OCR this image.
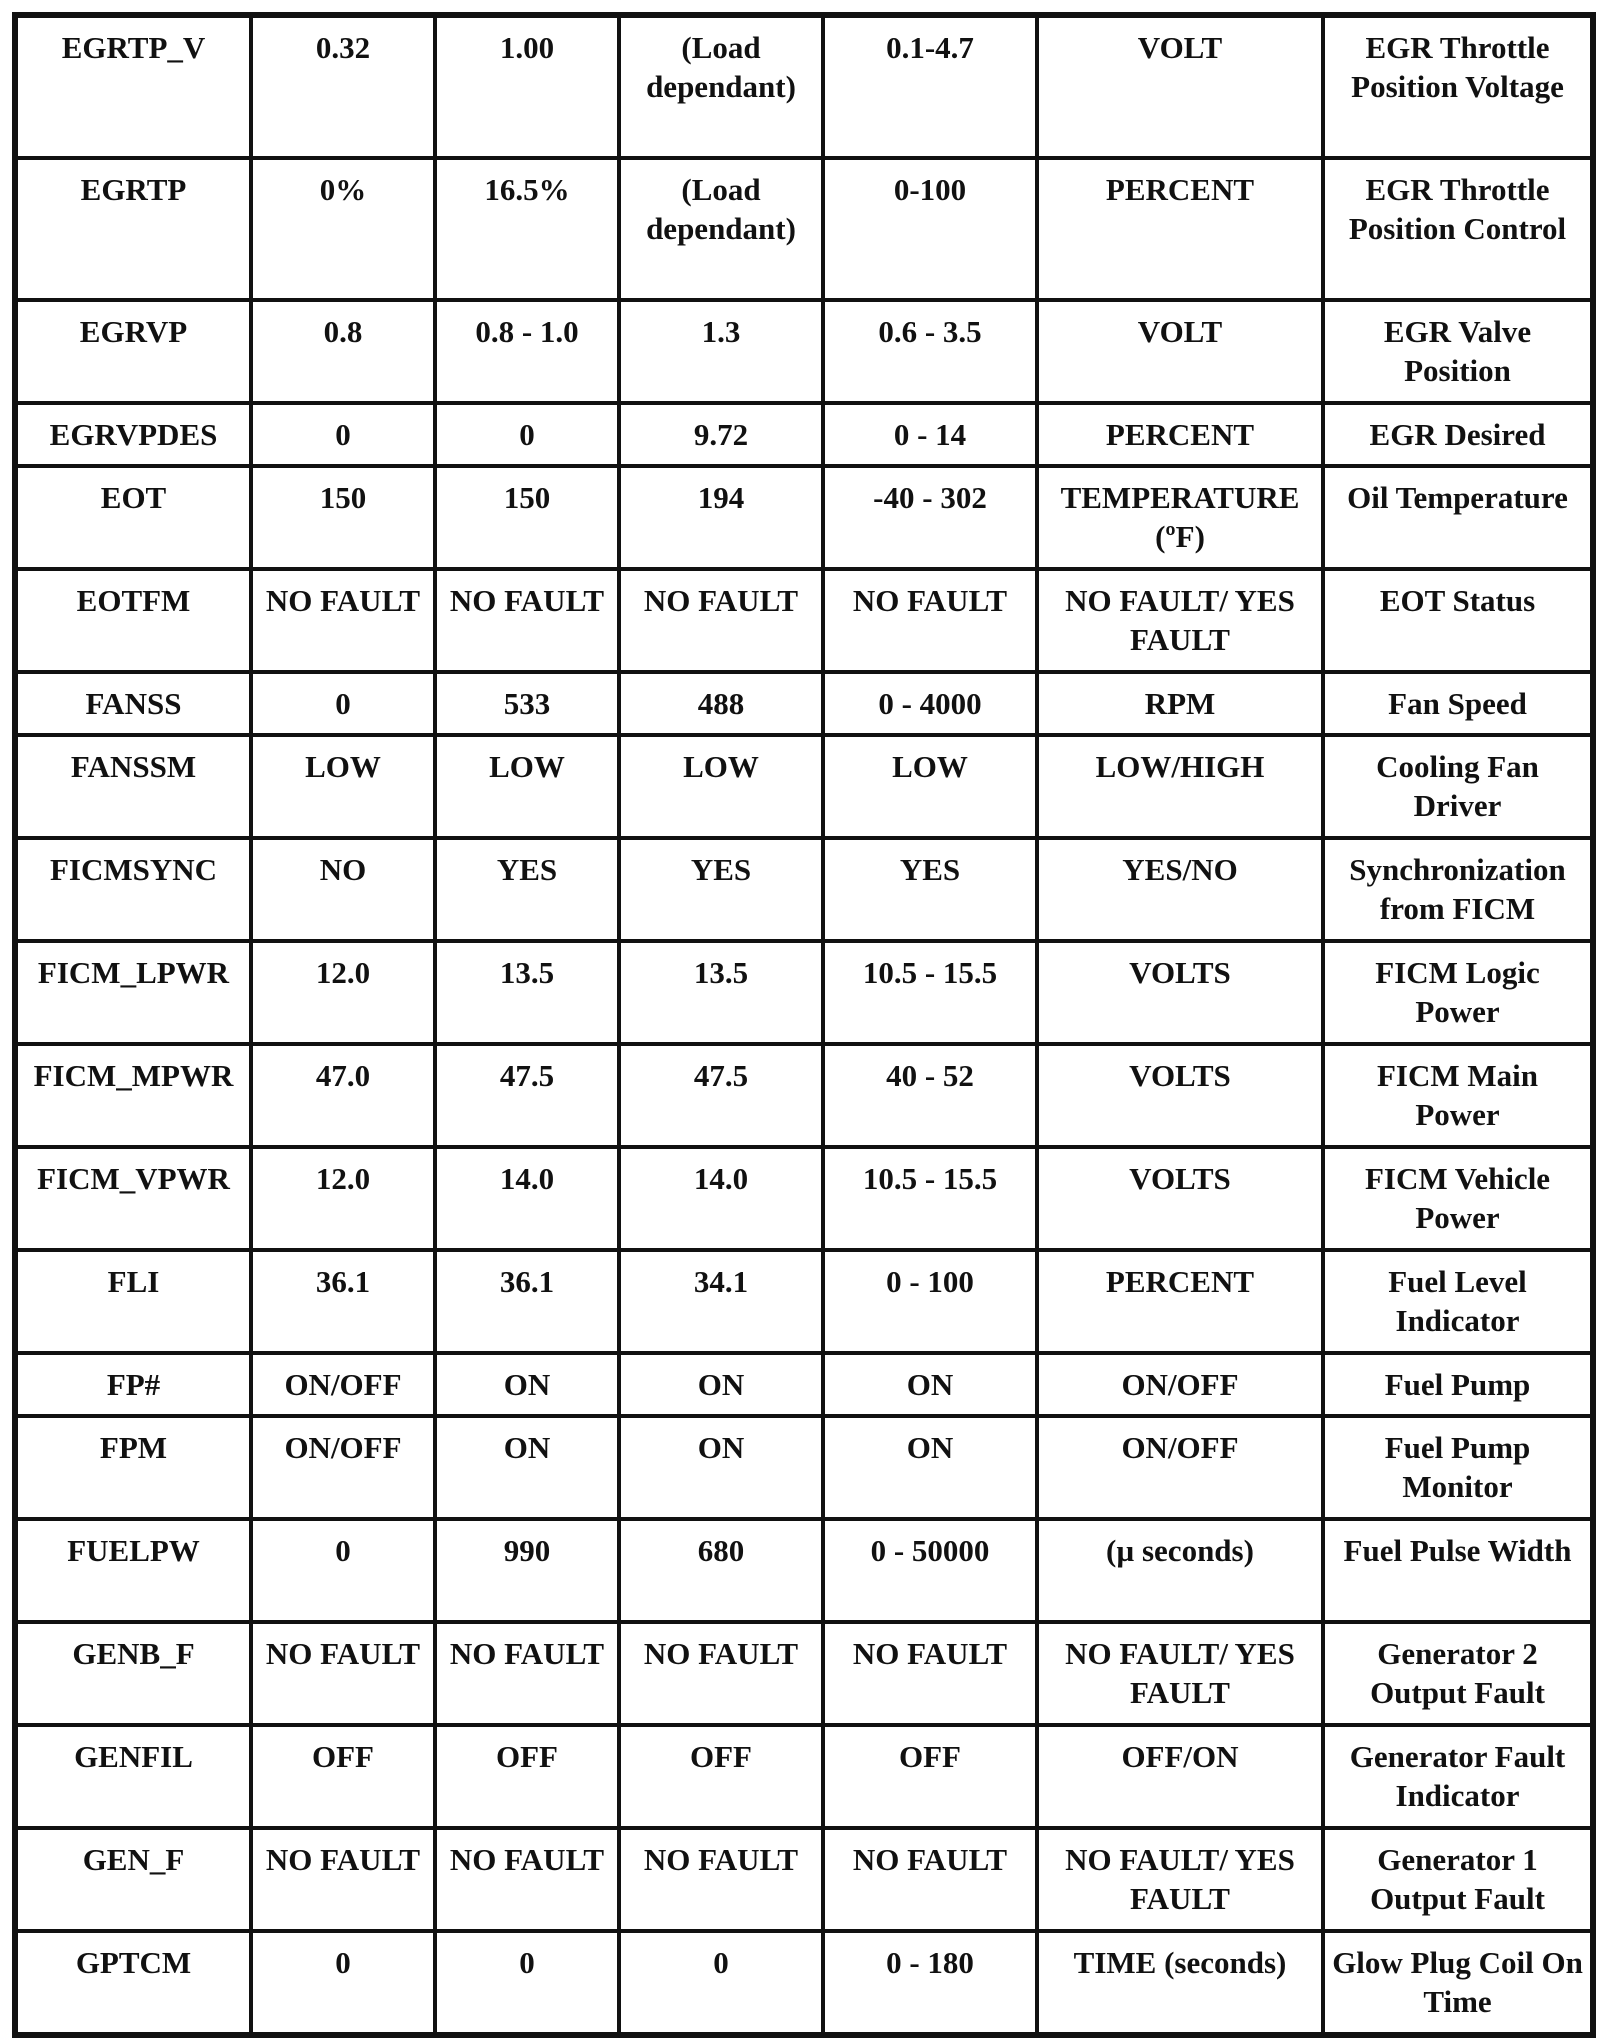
EGRTP_V	0.32	1.00	(Load dependant)	0.1-4.7	VOLT	EGR Throttle Position Voltage
EGRTP	0%	16.5%	(Load dependant)	0-100	PERCENT	EGR Throttle Position Control
EGRVP	0.8	0.8 - 1.0	1.3	0.6 - 3.5	VOLT	EGR Valve Position
EGRVPDES	0	0	9.72	0 - 14	PERCENT	EGR Desired
EOT	150	150	194	-40 - 302	TEMPERATURE (ºF)	Oil Temperature
EOTFM	NO FAULT	NO FAULT	NO FAULT	NO FAULT	NO FAULT/ YES FAULT	EOT Status
FANSS	0	533	488	0 - 4000	RPM	Fan Speed
FANSSM	LOW	LOW	LOW	LOW	LOW/HIGH	Cooling Fan Driver
FICMSYNC	NO	YES	YES	YES	YES/NO	Synchronization from FICM
FICM_LPWR	12.0	13.5	13.5	10.5 - 15.5	VOLTS	FICM Logic Power
FICM_MPWR	47.0	47.5	47.5	40 - 52	VOLTS	FICM Main Power
FICM_VPWR	12.0	14.0	14.0	10.5 - 15.5	VOLTS	FICM Vehicle Power
FLI	36.1	36.1	34.1	0 - 100	PERCENT	Fuel Level Indicator
FP#	ON/OFF	ON	ON	ON	ON/OFF	Fuel Pump
FPM	ON/OFF	ON	ON	ON	ON/OFF	Fuel Pump Monitor
FUELPW	0	990	680	0 - 50000	(µ seconds)	Fuel Pulse Width
GENB_F	NO FAULT	NO FAULT	NO FAULT	NO FAULT	NO FAULT/ YES FAULT	Generator 2 Output Fault
GENFIL	OFF	OFF	OFF	OFF	OFF/ON	Generator Fault Indicator
GEN_F	NO FAULT	NO FAULT	NO FAULT	NO FAULT	NO FAULT/ YES FAULT	Generator 1 Output Fault
GPTCM	0	0	0	0 - 180	TIME (seconds)	Glow Plug Coil On Time
